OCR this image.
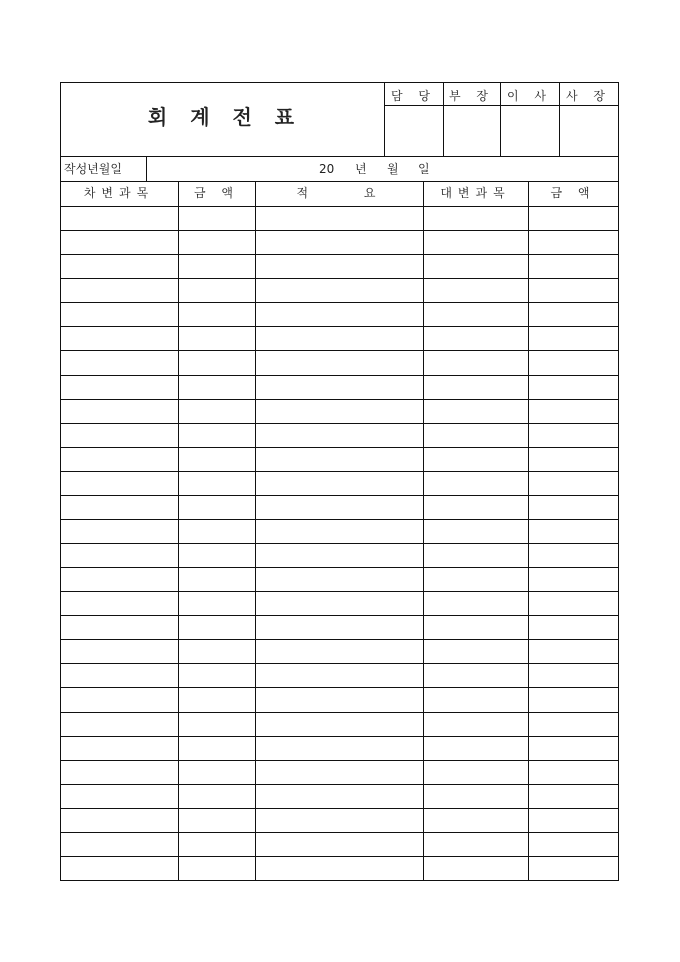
회 계 전 표
담 당	부 장	이 사	사 장
작성년월일	20 년 월 일
차변과목	금 액	적 요	대변과목	금 액
